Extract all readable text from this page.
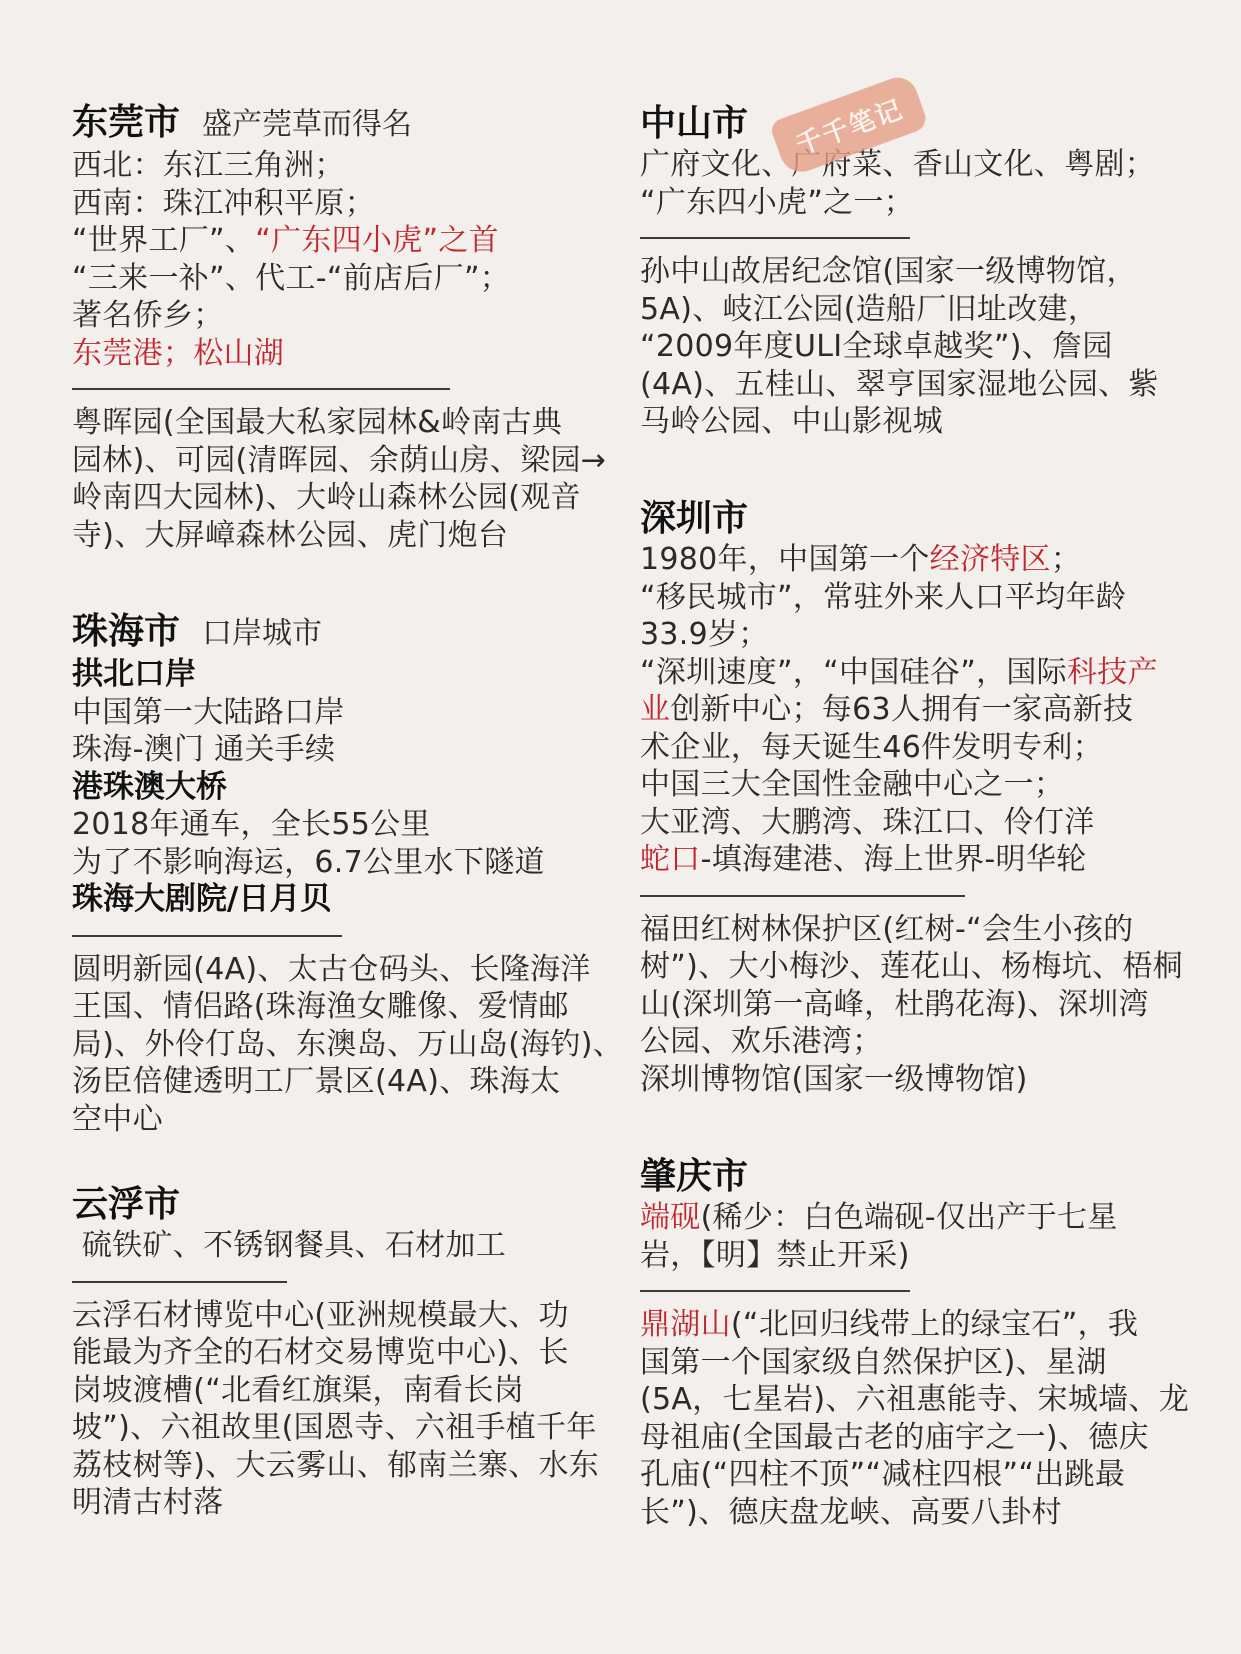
东莞市 盛产莞草而得名
西北：东江三角洲；
西南：珠江冲积平原；
“世界工厂”、“广东四小虎”之首
“三来一补”、代工-“前店后厂”；
著名侨乡；
东莞港；松山湖
粤晖园(全国最大私家园林&岭南古典
园林)、可园(清晖园、余荫山房、梁园→
岭南四大园林)、大岭山森林公园(观音
寺)、大屏嶂森林公园、虎门炮台
珠海市 口岸城市
拱北口岸
中国第一大陆路口岸
珠海-澳门 通关手续
港珠澳大桥
2018年通车，全长55公里
为了不影响海运，6.7公里水下隧道
珠海大剧院/日月贝
圆明新园(4A)、太古仓码头、长隆海洋
王国、情侣路(珠海渔女雕像、爱情邮
局)、外伶仃岛、东澳岛、万山岛(海钓)、
汤臣倍健透明工厂景区(4A)、珠海太
空中心
云浮市
硫铁矿、不锈钢餐具、石材加工
云浮石材博览中心(亚洲规模最大、功
能最为齐全的石材交易博览中心)、长
岗坡渡槽(“北看红旗渠，南看长岗
坡”)、六祖故里(国恩寺、六祖手植千年
荔枝树等)、大云雾山、郁南兰寨、水东
明清古村落
中山市
广府文化、广府菜、香山文化、粤剧；
“广东四小虎”之一；
孙中山故居纪念馆(国家一级博物馆，
5A)、岐江公园(造船厂旧址改建，
“2009年度ULI全球卓越奖”)、詹园
(4A)、五桂山、翠亨国家湿地公园、紫
马岭公园、中山影视城
深圳市
1980年，中国第一个经济特区；
“移民城市”，常驻外来人口平均年龄
33.9岁；
“深圳速度”，“中国硅谷”，国际科技产
业创新中心；每63人拥有一家高新技
术企业，每天诞生46件发明专利；
中国三大全国性金融中心之一；
大亚湾、大鹏湾、珠江口、伶仃洋
蛇口-填海建港、海上世界-明华轮
福田红树林保护区(红树-“会生小孩的
树”)、大小梅沙、莲花山、杨梅坑、梧桐
山(深圳第一高峰，杜鹃花海)、深圳湾
公园、欢乐港湾；
深圳博物馆(国家一级博物馆)
肇庆市
端砚(稀少：白色端砚-仅出产于七星
岩，【明】禁止开采)
鼎湖山(“北回归线带上的绿宝石”，我
国第一个国家级自然保护区)、星湖
(5A，七星岩)、六祖惠能寺、宋城墙、龙
母祖庙(全国最古老的庙宇之一)、德庆
孔庙(“四柱不顶”“减柱四根”“出跳最
长”)、德庆盘龙峡、高要八卦村
千千笔记
